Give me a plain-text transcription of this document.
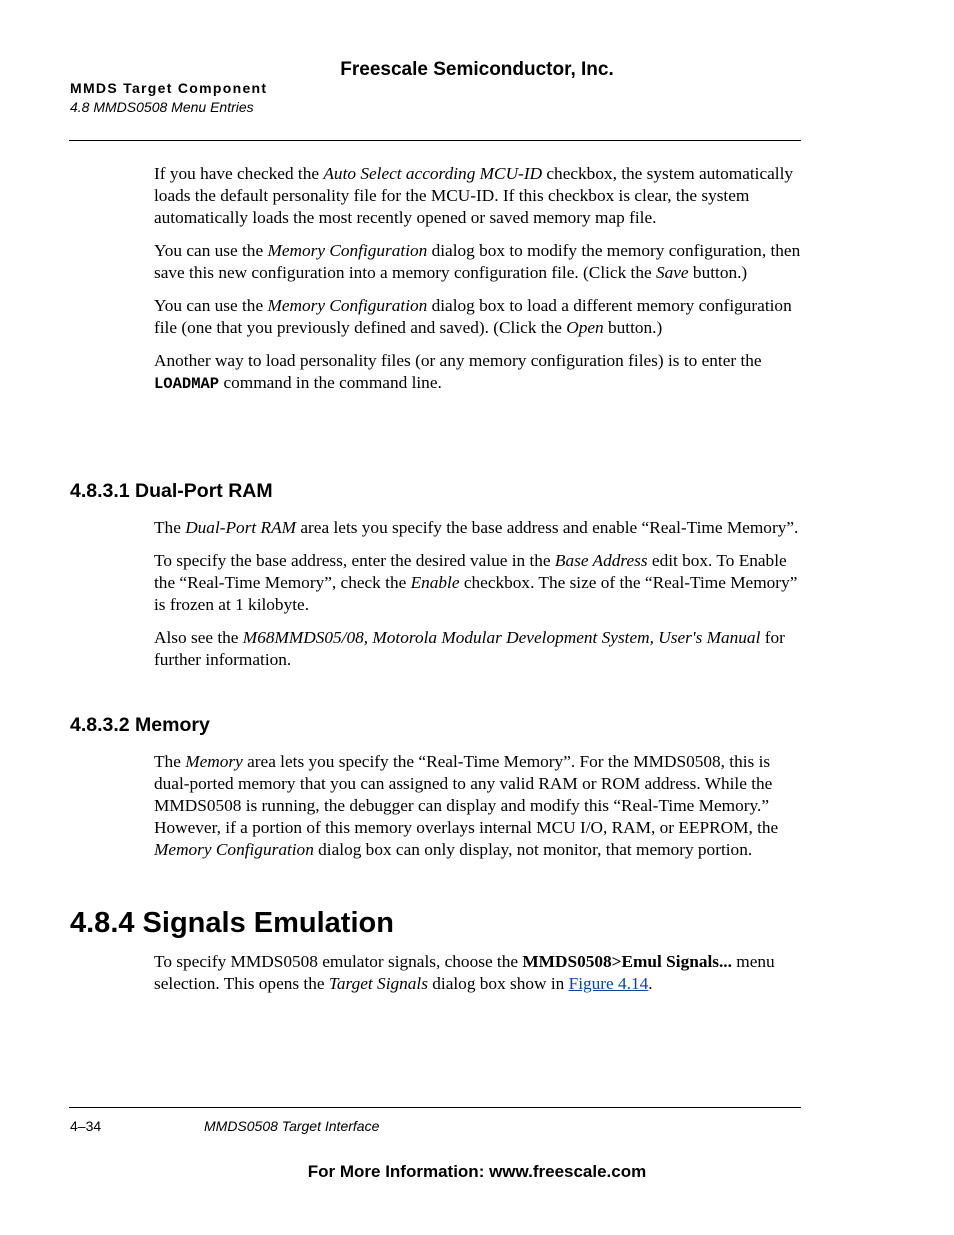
Freescale Semiconductor, Inc.
MMDS Target Component
4.8 MMDS0508 Menu Entries

If you have checked the Auto Select according MCU-ID checkbox, the system automatically loads the default personality file for the MCU-ID. If this checkbox is clear, the system automatically loads the most recently opened or saved memory map file.

You can use the Memory Configuration dialog box to modify the memory configuration, then save this new configuration into a memory configuration file. (Click the Save button.)

You can use the Memory Configuration dialog box to load a different memory configuration file (one that you previously defined and saved). (Click the Open button.)

Another way to load personality files (or any memory configuration files) is to enter the LOADMAP command in the command line.

4.8.3.1 Dual-Port RAM

The Dual-Port RAM area lets you specify the base address and enable “Real-Time Memory”.

To specify the base address, enter the desired value in the Base Address edit box. To Enable the “Real-Time Memory”, check the Enable checkbox. The size of the “Real-Time Memory” is frozen at 1 kilobyte.

Also see the M68MMDS05/08, Motorola Modular Development System, User's Manual for further information.

4.8.3.2 Memory

The Memory area lets you specify the “Real-Time Memory”. For the MMDS0508, this is dual-ported memory that you can assigned to any valid RAM or ROM address. While the MMDS0508 is running, the debugger can display and modify this “Real-Time Memory.” However, if a portion of this memory overlays internal MCU I/O, RAM, or EEPROM, the Memory Configuration dialog box can only display, not monitor, that memory portion.

4.8.4 Signals Emulation

To specify MMDS0508 emulator signals, choose the MMDS0508>Emul Signals... menu selection. This opens the Target Signals dialog box show in Figure 4.14.

4–34	MMDS0508 Target Interface
For More Information: www.freescale.com
